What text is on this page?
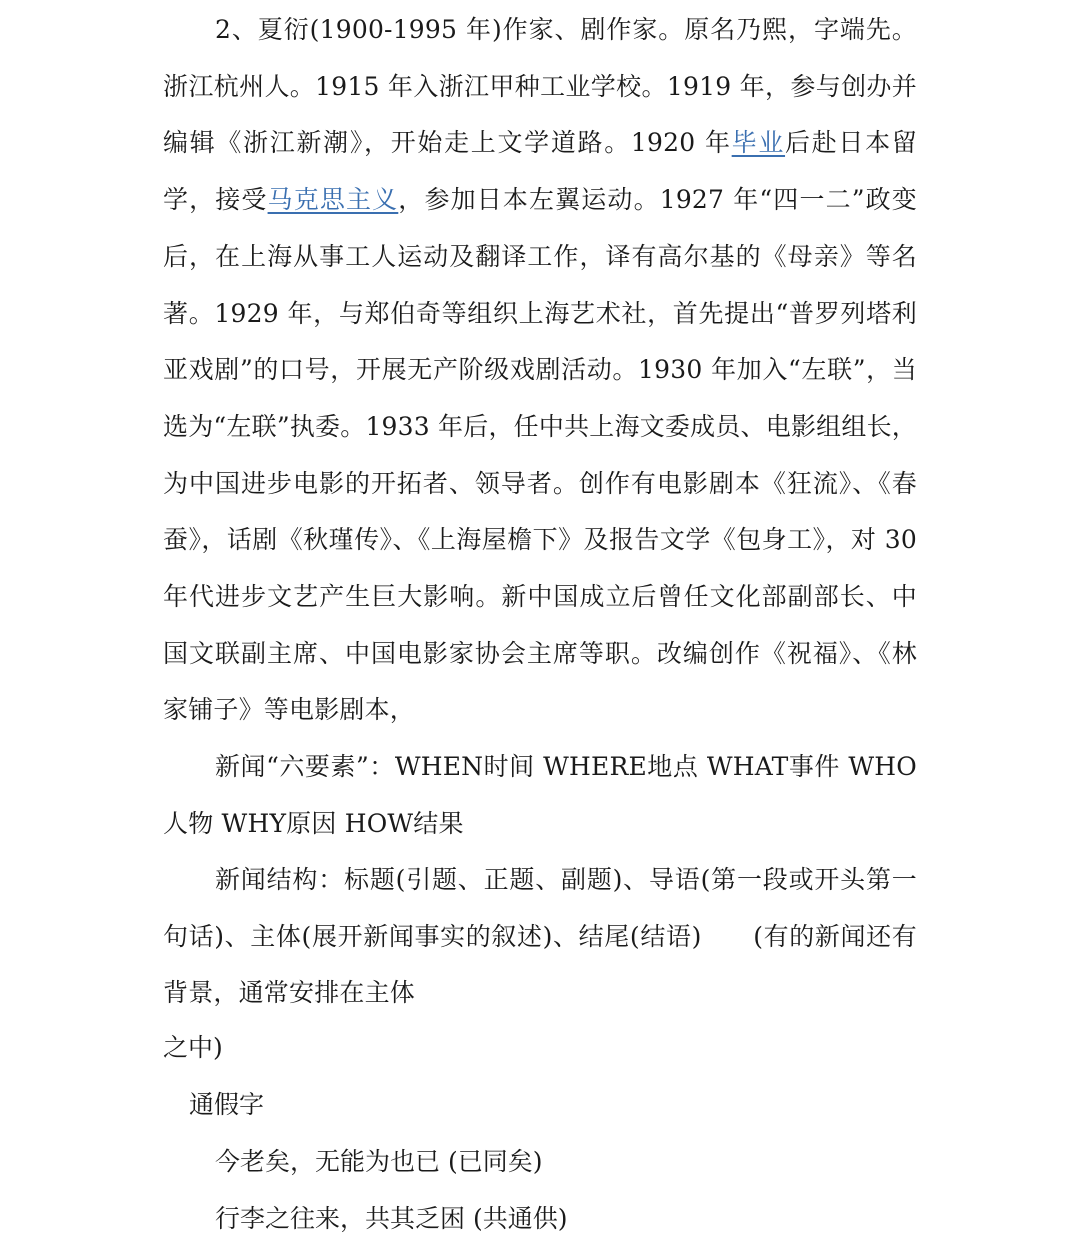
2、夏衍(1900-1995 年)作家、剧作家。原名乃熙，字端先。浙江杭州人。1915 年入浙江甲种工业学校。1919 年，参与创办并编辑《浙江新潮》，开始走上文学道路。1920 年毕业后赴日本留学，接受马克思主义，参加日本左翼运动。1927 年“四一二”政变后，在上海从事工人运动及翻译工作，译有高尔基的《母亲》等名著。1929 年，与郑伯奇等组织上海艺术社，首先提出“普罗列塔利亚戏剧”的口号，开展无产阶级戏剧活动。1930 年加入“左联”，当选为“左联”执委。1933 年后，任中共上海文委成员、电影组组长，为中国进步电影的开拓者、领导者。创作有电影剧本《狂流》、《春蚕》，话剧《秋瑾传》、《上海屋檐下》及报告文学《包身工》，对 30 年代进步文艺产生巨大影响。新中国成立后曾任文化部副部长、中国文联副主席、中国电影家协会主席等职。改编创作《祝福》、《林家铺子》等电影剧本，

新闻“六要素”：WHEN时间 WHERE地点 WHAT事件 WHO人物 WHY原因 HOW结果

新闻结构：标题(引题、正题、副题)、导语(第一段或开头第一句话)、主体(展开新闻事实的叙述)、结尾(结语)　　(有的新闻还有背景，通常安排在主体

之中)

通假字

今老矣，无能为也已 (已同矣)

行李之往来，共其乏困 (共通供)
